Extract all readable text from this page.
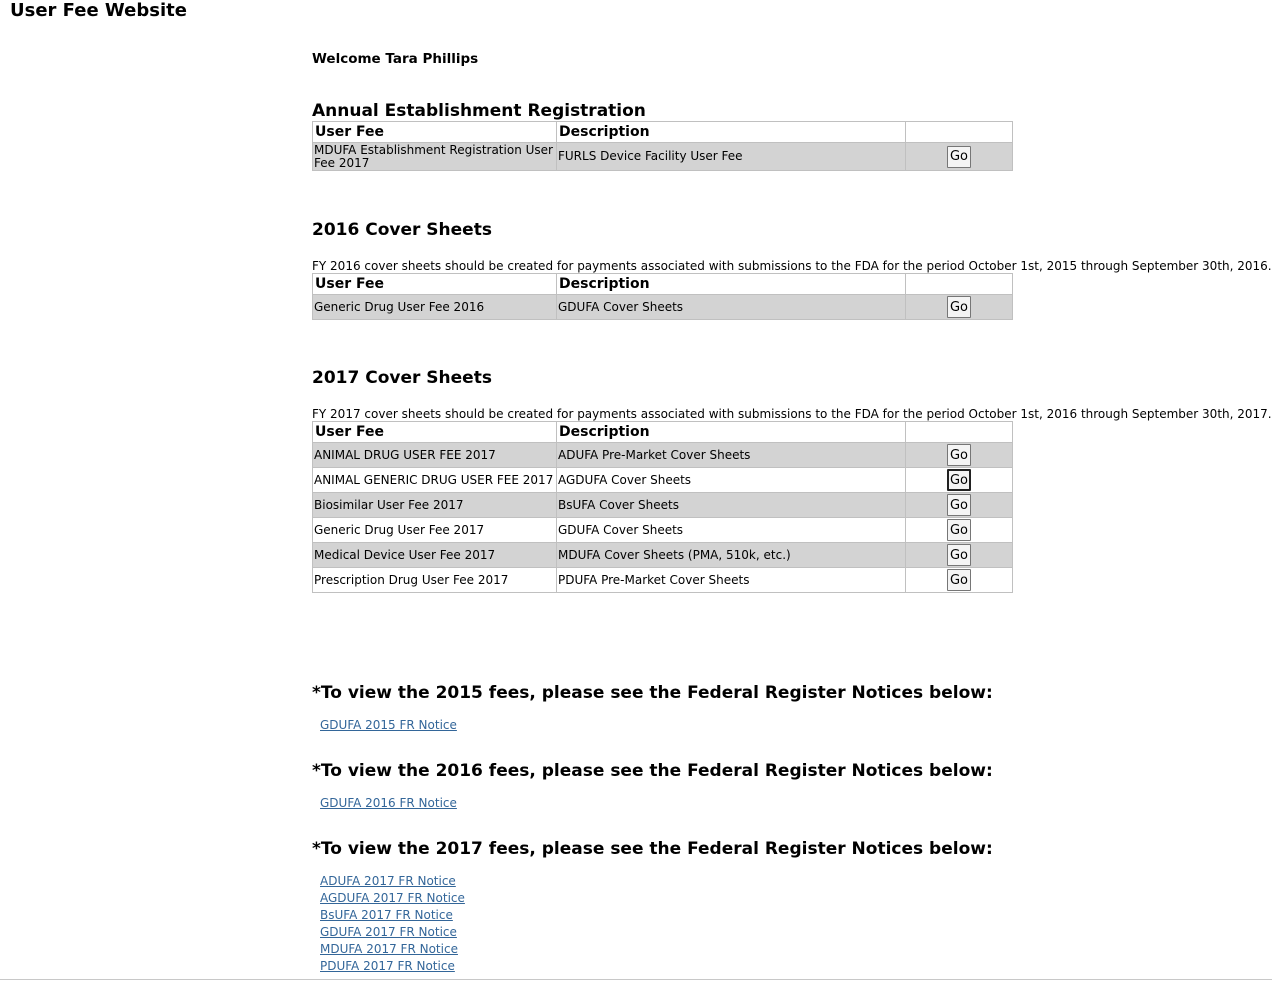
User Fee Website
Welcome Tara Phillips
Annual Establishment Registration
User Fee	Description	
MDUFA Establishment Registration User Fee 2017	FURLS Device Facility User Fee	Go
2016 Cover Sheets
FY 2016 cover sheets should be created for payments associated with submissions to the FDA for the period October 1st, 2015 through September 30th, 2016.
User Fee	Description	
Generic Drug User Fee 2016	GDUFA Cover Sheets	Go
2017 Cover Sheets
FY 2017 cover sheets should be created for payments associated with submissions to the FDA for the period October 1st, 2016 through September 30th, 2017.
User Fee	Description	
ANIMAL DRUG USER FEE 2017	ADUFA Pre-Market Cover Sheets	Go
ANIMAL GENERIC DRUG USER FEE 2017	AGDUFA Cover Sheets	Go
Biosimilar User Fee 2017	BsUFA Cover Sheets	Go
Generic Drug User Fee 2017	GDUFA Cover Sheets	Go
Medical Device User Fee 2017	MDUFA Cover Sheets (PMA, 510k, etc.)	Go
Prescription Drug User Fee 2017	PDUFA Pre-Market Cover Sheets	Go
*To view the 2015 fees, please see the Federal Register Notices below:
GDUFA 2015 FR Notice
*To view the 2016 fees, please see the Federal Register Notices below:
GDUFA 2016 FR Notice
*To view the 2017 fees, please see the Federal Register Notices below:
ADUFA 2017 FR Notice
AGDUFA 2017 FR Notice
BsUFA 2017 FR Notice
GDUFA 2017 FR Notice
MDUFA 2017 FR Notice
PDUFA 2017 FR Notice
